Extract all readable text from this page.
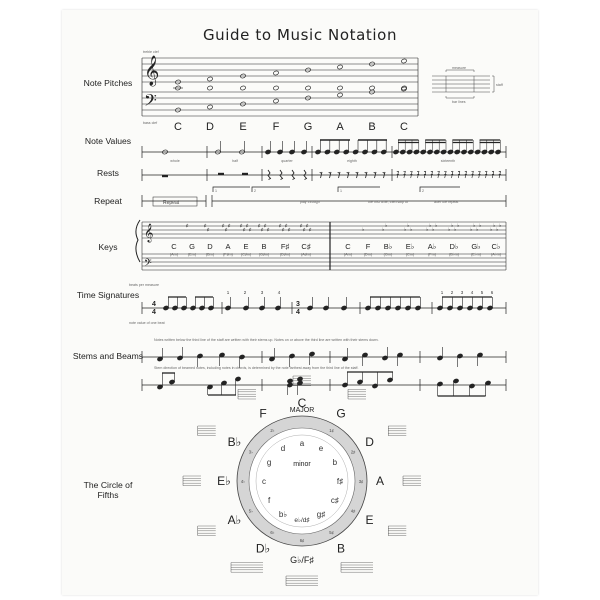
Guide to Music Notation
Note Pitches
Note Values
Rests
Repeat
Keys
Time Signatures
Stems and Beams
The Circle of Fifths
treble clef
bass clef
𝄞
𝄢
C D E F G A B C
measure
staff
bar lines
whole	half	quarter	eighth	sixteenth
Repeat
1	2	1	2
play through	the first time, then skip to	after the repeat
𝄞
𝄢
C
(Am)
G
(Em)
♯
D
(Bm)
♯
♯
A
(F♯m)
♯
♯
♯
E
(C♯m)
♯
♯
♯
♯
B
(G♯m)
♯
♯
♯
♯
F♯
(D♯m)
♯
♯
♯
♯
C♯
(A♯m)
♯
♯
♯
♯
C
(Am)
F
(Dm)
♭
B♭
(Gm)
♭
♭
E♭
(Cm)
♭
♭
♭
A♭
(Fm)
♭
♭
♭
♭
D♭
(B♭m)
♭
♭
♭
♭
G♭
(E♭m)
♭
♭
♭
♭
C♭
(A♭m)
♭
♭
♭
♭
beats per measure
note value of one beat
4
4
3
4
1	2	3	4	1 2 3 4 5 6
Notes written below the third line of the staff are written with their stems up. Notes on or above the third line are written with their stems down.
Stem direction of beamed notes, including notes in chords, is determined by the note farthest away from the third line of the staff.
MAJOR
minor
C
a
G
e
1♯
D
b
2♯
A
f♯	3♯
E
c♯
4♯
B
g♯
5♯
G♭/F♯
e♭/d♯
6♯
D♭
b♭
6♭
A♭
f
5♭
E♭	c
4♭
B♭
g
3♭
F
d
2♭
